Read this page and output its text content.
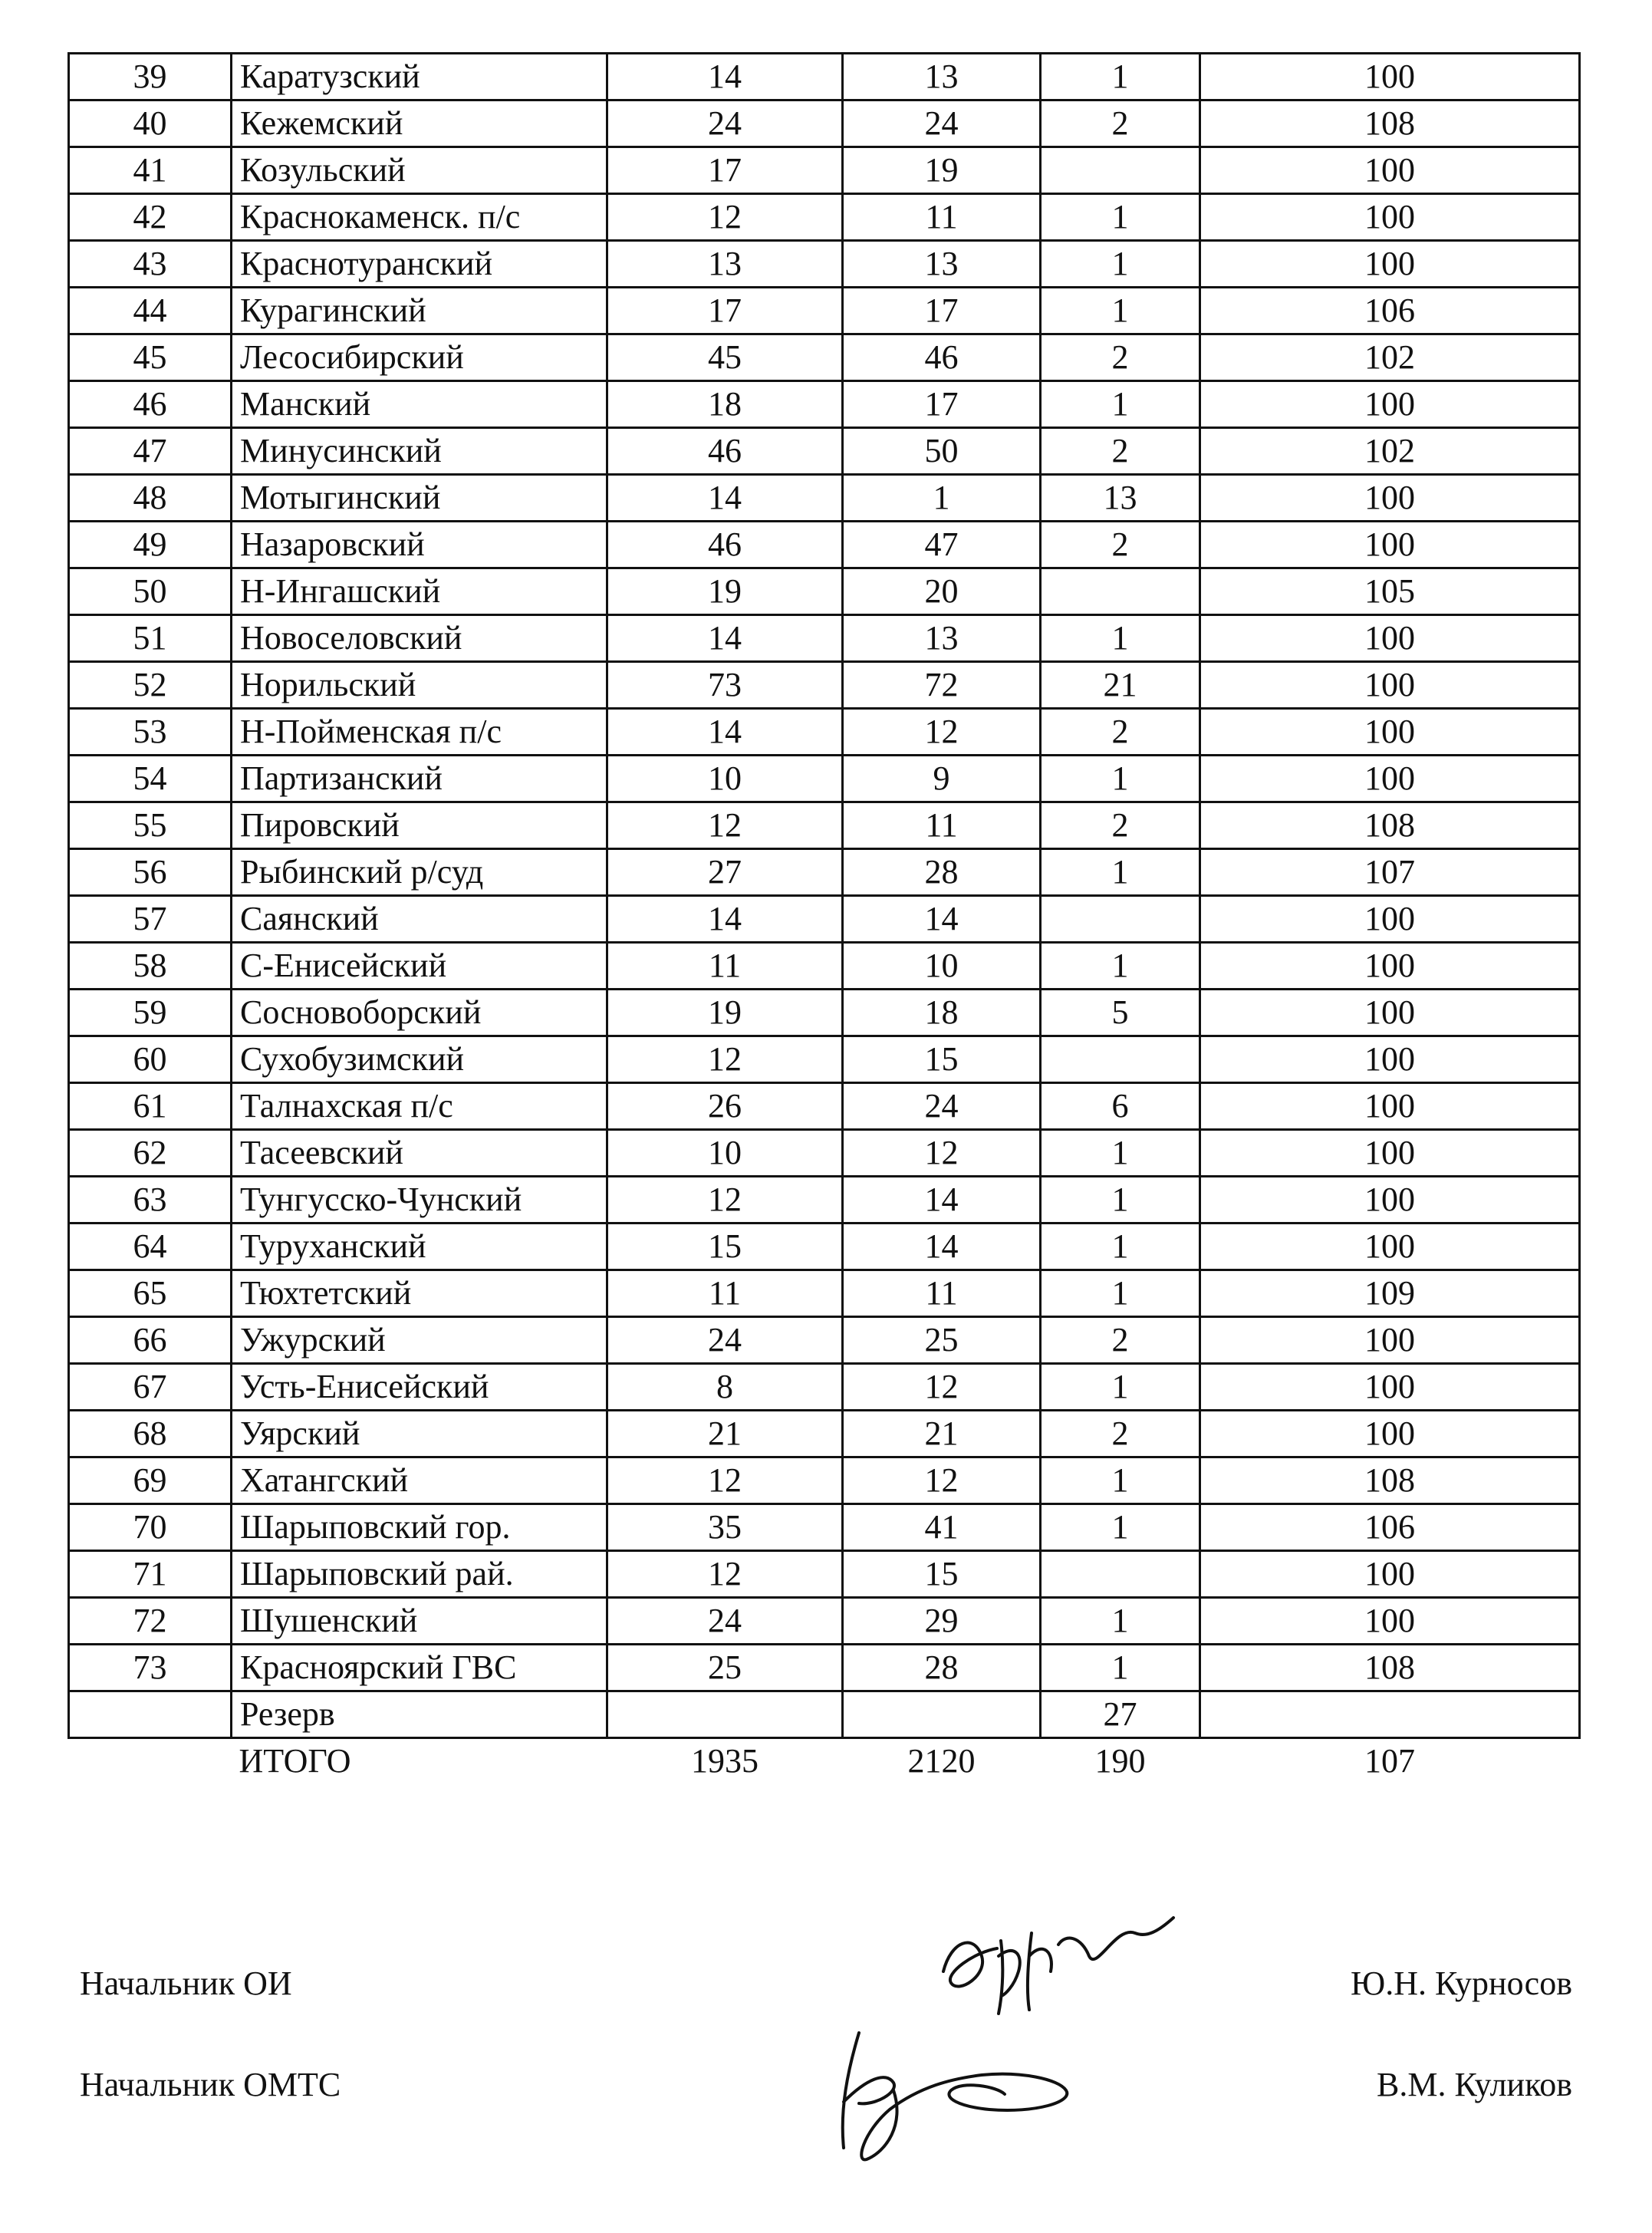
39	Каратузский	14	13	1	100
40	Кежемский	24	24	2	108
41	Козульский	17	19		100
42	Краснокаменск. п/с	12	11	1	100
43	Краснотуранский	13	13	1	100
44	Курагинский	17	17	1	106
45	Лесосибирский	45	46	2	102
46	Манский	18	17	1	100
47	Минусинский	46	50	2	102
48	Мотыгинский	14	1	13	100
49	Назаровский	46	47	2	100
50	Н-Ингашский	19	20		105
51	Новоселовский	14	13	1	100
52	Норильский	73	72	21	100
53	Н-Пойменская п/с	14	12	2	100
54	Партизанский	10	9	1	100
55	Пировский	12	11	2	108
56	Рыбинский р/суд	27	28	1	107
57	Саянский	14	14		100
58	С-Енисейский	11	10	1	100
59	Сосновоборский	19	18	5	100
60	Сухобузимский	12	15		100
61	Талнахская п/с	26	24	6	100
62	Тасеевский	10	12	1	100
63	Тунгусско-Чунский	12	14	1	100
64	Туруханский	15	14	1	100
65	Тюхтетский	11	11	1	109
66	Ужурский	24	25	2	100
67	Усть-Енисейский	8	12	1	100
68	Уярский	21	21	2	100
69	Хатангский	12	12	1	108
70	Шарыповский гор.	35	41	1	106
71	Шарыповский рай.	12	15		100
72	Шушенский	24	29	1	100
73	Красноярский ГВС	25	28	1	108
	Резерв			27	
	ИТОГО	1935	2120	190	107
Начальник ОИ	Ю.Н. Курносов
Начальник ОМТС	В.М. Куликов
